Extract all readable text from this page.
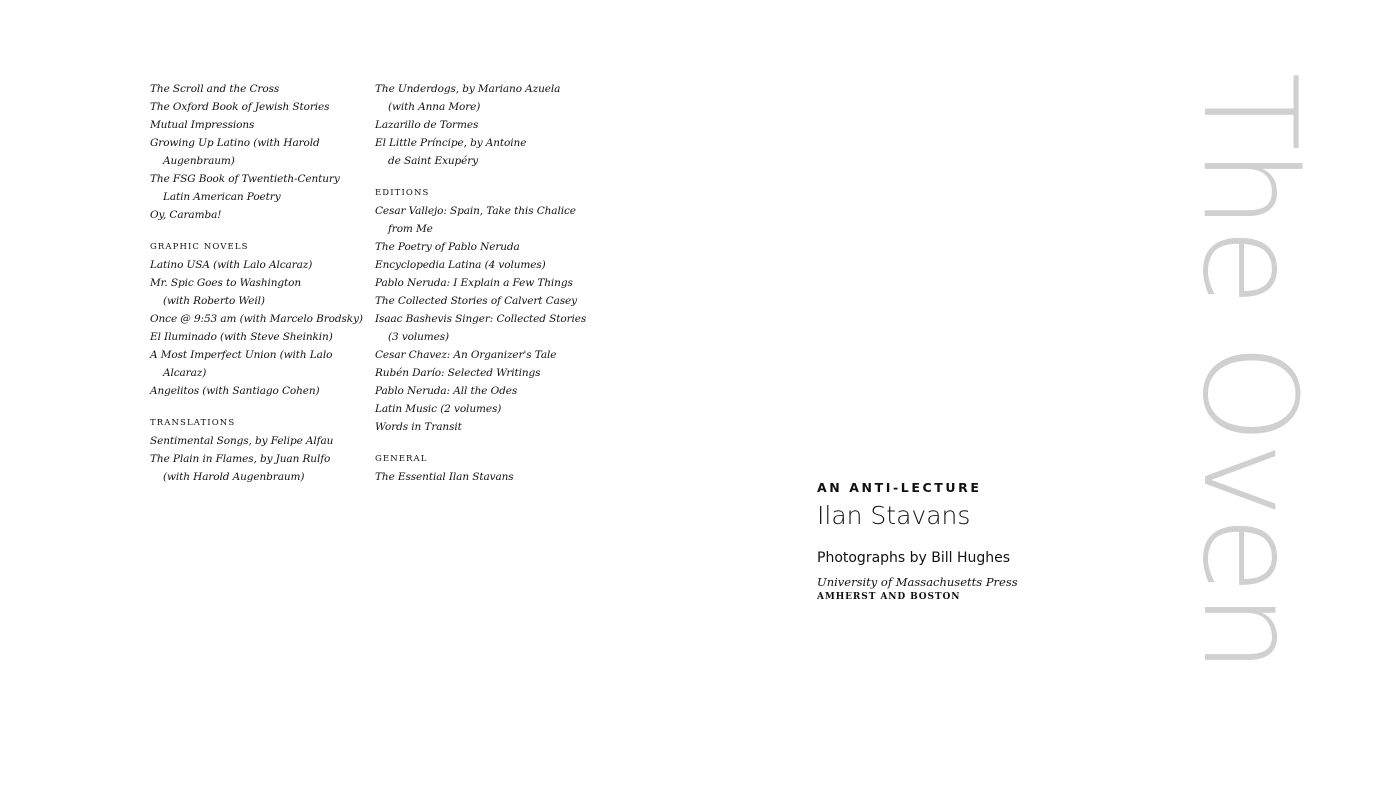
The Scroll and the Cross
The Oxford Book of Jewish Stories
Mutual Impressions
Growing Up Latino (with Harold
Augenbraum)
The FSG Book of Twentieth-Century
Latin American Poetry
Oy, Caramba!
GRAPHIC NOVELS
Latino USA (with Lalo Alcaraz)
Mr. Spic Goes to Washington
(with Roberto Weil)
Once @ 9:53 am (with Marcelo Brodsky)
El Iluminado (with Steve Sheinkin)
A Most Imperfect Union (with Lalo
Alcaraz)
Angelitos (with Santiago Cohen)
TRANSLATIONS
Sentimental Songs, by Felipe Alfau
The Plain in Flames, by Juan Rulfo
(with Harold Augenbraum)
The Underdogs, by Mariano Azuela
(with Anna More)
Lazarillo de Tormes
El Little Príncipe, by Antoine
de Saint Exupéry
EDITIONS
Cesar Vallejo: Spain, Take this Chalice
from Me
The Poetry of Pablo Neruda
Encyclopedia Latina (4 volumes)
Pablo Neruda: I Explain a Few Things
The Collected Stories of Calvert Casey
Isaac Bashevis Singer: Collected Stories
(3 volumes)
Cesar Chavez: An Organizer's Tale
Rubén Darío: Selected Writings
Pablo Neruda: All the Odes
Latin Music (2 volumes)
Words in Transit
GENERAL
The Essential Ilan Stavans
AN ANTI-LECTURE
Ilan Stavans
Photographs by Bill Hughes
University of Massachusetts Press
AMHERST AND BOSTON	The Oven
